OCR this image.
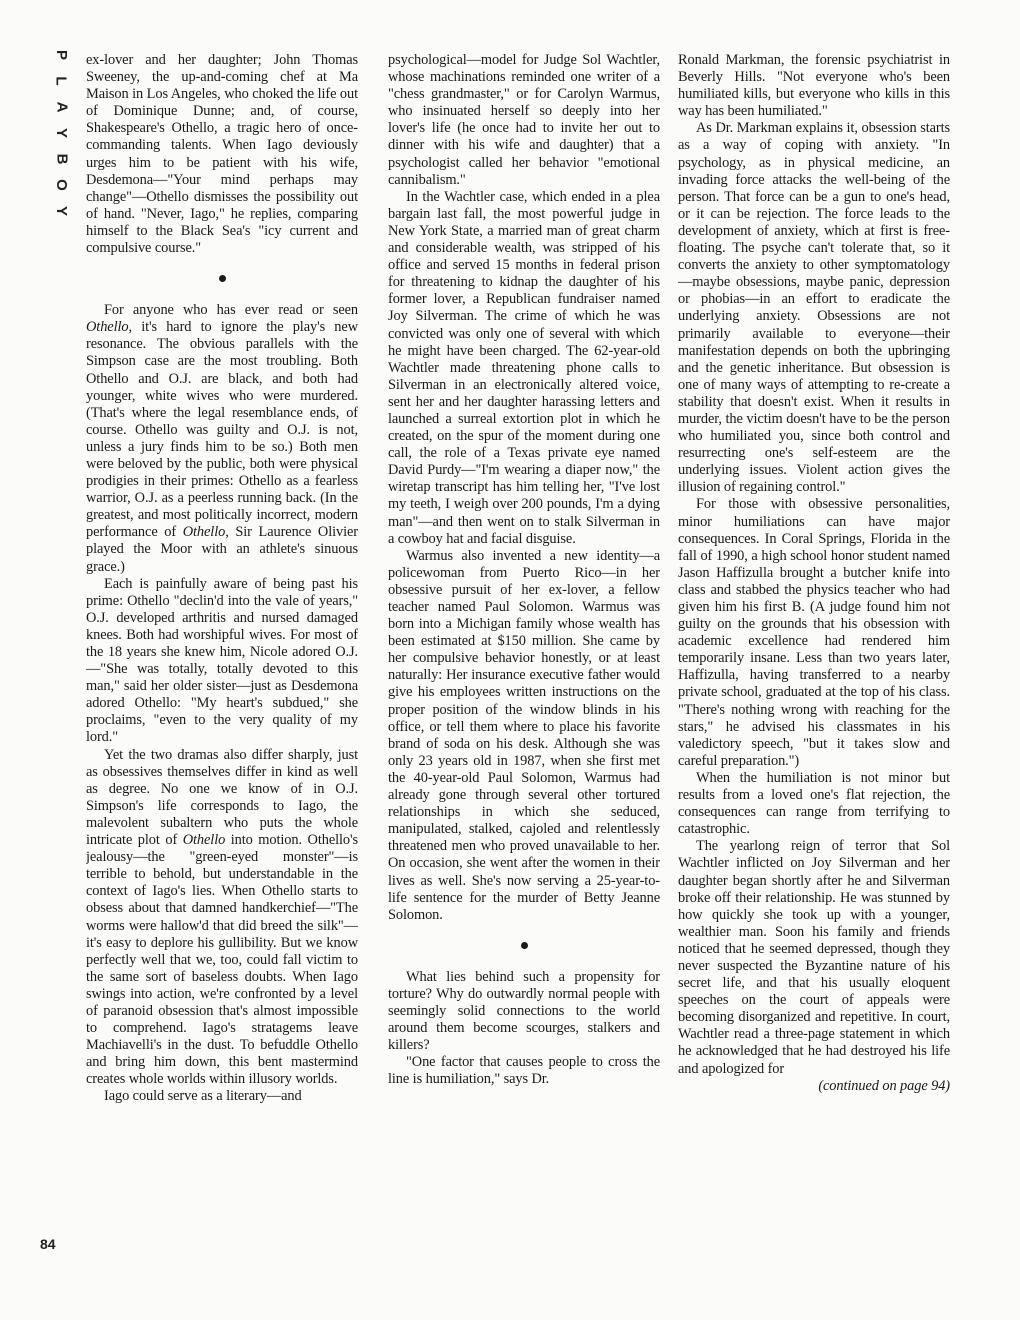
P
L
A
Y
B
O
Y
84

ex-lover and her daughter; John Thomas Sweeney, the up-and-coming chef at Ma Maison in Los Angeles, who choked the life out of Dominique Dunne; and, of course, Shakespeare's Othello, a tragic hero of once-commanding talents. When Iago deviously urges him to be patient with his wife, Desdemona—"Your mind perhaps may change"—Othello dismisses the possibility out of hand. "Never, Iago," he replies, comparing himself to the Black Sea's "icy current and compulsive course."

For anyone who has ever read or seen Othello, it's hard to ignore the play's new resonance. The obvious parallels with the Simpson case are the most troubling. Both Othello and O.J. are black, and both had younger, white wives who were murdered. (That's where the legal resemblance ends, of course. Othello was guilty and O.J. is not, unless a jury finds him to be so.) Both men were beloved by the public, both were physical prodigies in their primes: Othello as a fearless warrior, O.J. as a peerless running back. (In the greatest, and most politically incorrect, modern performance of Othello, Sir Laurence Olivier played the Moor with an athlete's sinuous grace.)

Each is painfully aware of being past his prime: Othello "declin'd into the vale of years," O.J. developed arthritis and nursed damaged knees. Both had worshipful wives. For most of the 18 years she knew him, Nicole adored O.J.—"She was totally, totally devoted to this man," said her older sister—just as Desdemona adored Othello: "My heart's subdued," she proclaims, "even to the very quality of my lord."

Yet the two dramas also differ sharply, just as obsessives themselves differ in kind as well as degree. No one we know of in O.J. Simpson's life corresponds to Iago, the malevolent subaltern who puts the whole intricate plot of Othello into motion. Othello's jealousy—the "green-eyed monster"—is terrible to behold, but understandable in the context of Iago's lies. When Othello starts to obsess about that damned handkerchief—"The worms were hallow'd that did breed the silk"—it's easy to deplore his gullibility. But we know perfectly well that we, too, could fall victim to the same sort of baseless doubts. When Iago swings into action, we're confronted by a level of paranoid obsession that's almost impossible to comprehend. Iago's stratagems leave Machiavelli's in the dust. To befuddle Othello and bring him down, this bent mastermind creates whole worlds within illusory worlds.

Iago could serve as a literary—and

psychological—model for Judge Sol Wachtler, whose machinations reminded one writer of a "chess grandmaster," or for Carolyn Warmus, who insinuated herself so deeply into her lover's life (he once had to invite her out to dinner with his wife and daughter) that a psychologist called her behavior "emotional cannibalism."

In the Wachtler case, which ended in a plea bargain last fall, the most powerful judge in New York State, a married man of great charm and considerable wealth, was stripped of his office and served 15 months in federal prison for threatening to kidnap the daughter of his former lover, a Republican fundraiser named Joy Silverman. The crime of which he was convicted was only one of several with which he might have been charged. The 62-year-old Wachtler made threatening phone calls to Silverman in an electronically altered voice, sent her and her daughter harassing letters and launched a surreal extortion plot in which he created, on the spur of the moment during one call, the role of a Texas private eye named David Purdy—"I'm wearing a diaper now," the wiretap transcript has him telling her, "I've lost my teeth, I weigh over 200 pounds, I'm a dying man"—and then went on to stalk Silverman in a cowboy hat and facial disguise.

Warmus also invented a new identity—a policewoman from Puerto Rico—in her obsessive pursuit of her ex-lover, a fellow teacher named Paul Solomon. Warmus was born into a Michigan family whose wealth has been estimated at $150 million. She came by her compulsive behavior honestly, or at least naturally: Her insurance executive father would give his employees written instructions on the proper position of the window blinds in his office, or tell them where to place his favorite brand of soda on his desk. Although she was only 23 years old in 1987, when she first met the 40-year-old Paul Solomon, Warmus had already gone through several other tortured relationships in which she seduced, manipulated, stalked, cajoled and relentlessly threatened men who proved unavailable to her. On occasion, she went after the women in their lives as well. She's now serving a 25-year-to-life sentence for the murder of Betty Jeanne Solomon.

What lies behind such a propensity for torture? Why do outwardly normal people with seemingly solid connections to the world around them become scourges, stalkers and killers?

"One factor that causes people to cross the line is humiliation," says Dr.

Ronald Markman, the forensic psychiatrist in Beverly Hills. "Not everyone who's been humiliated kills, but everyone who kills in this way has been humiliated."

As Dr. Markman explains it, obsession starts as a way of coping with anxiety. "In psychology, as in physical medicine, an invading force attacks the well-being of the person. That force can be a gun to one's head, or it can be rejection. The force leads to the development of anxiety, which at first is free-floating. The psyche can't tolerate that, so it converts the anxiety to other symptomatology—maybe obsessions, maybe panic, depression or phobias—in an effort to eradicate the underlying anxiety. Obsessions are not primarily available to everyone—their manifestation depends on both the upbringing and the genetic inheritance. But obsession is one of many ways of attempting to re-create a stability that doesn't exist. When it results in murder, the victim doesn't have to be the person who humiliated you, since both control and resurrecting one's self-esteem are the underlying issues. Violent action gives the illusion of regaining control."

For those with obsessive personalities, minor humiliations can have major consequences. In Coral Springs, Florida in the fall of 1990, a high school honor student named Jason Haffizulla brought a butcher knife into class and stabbed the physics teacher who had given him his first B. (A judge found him not guilty on the grounds that his obsession with academic excellence had rendered him temporarily insane. Less than two years later, Haffizulla, having transferred to a nearby private school, graduated at the top of his class. "There's nothing wrong with reaching for the stars," he advised his classmates in his valedictory speech, "but it takes slow and careful preparation.")

When the humiliation is not minor but results from a loved one's flat rejection, the consequences can range from terrifying to catastrophic.

The yearlong reign of terror that Sol Wachtler inflicted on Joy Silverman and her daughter began shortly after he and Silverman broke off their relationship. He was stunned by how quickly she took up with a younger, wealthier man. Soon his family and friends noticed that he seemed depressed, though they never suspected the Byzantine nature of his secret life, and that his usually eloquent speeches on the court of appeals were becoming disorganized and repetitive. In court, Wachtler read a three-page statement in which he acknowledged that he had destroyed his life and apologized for

(continued on page 94)
